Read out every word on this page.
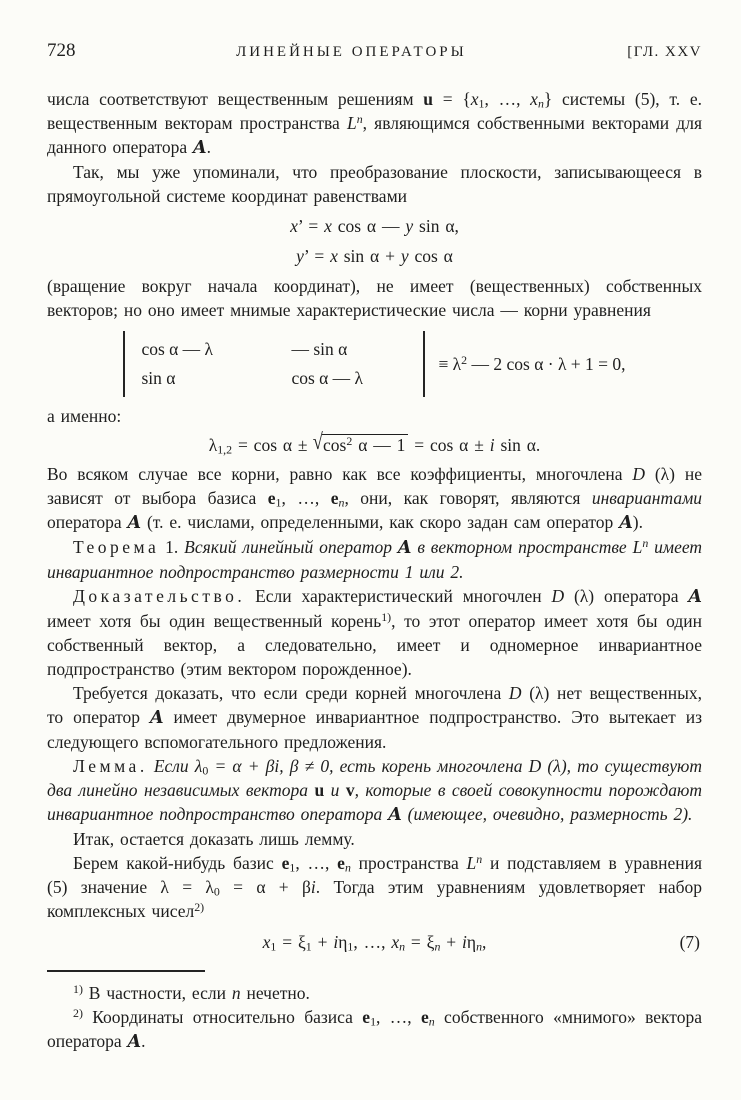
728	ЛИНЕЙНЫЕ ОПЕРАТОРЫ	[ГЛ. XXV

числа соответствуют вещественным решениям $u = \{x_1$, …, $x_n$} системы (5), т. е. вещественным векторам пространства $L^n$, являющимся собственными векторами для данного оператора A.

Так, мы уже упоминали, что преобразование плоскости, записывающееся в прямоугольной системе координат равенствами

x’ = x cos α — y sin α,

y’ = x sin α + y cos α

(вращение вокруг начала координат), не имеет (вещественных) собственных векторов; но оно имеет мнимые характеристические числа — корни уравнения

cos α — λ	— sin α
sin α	cos α — λ
≡ $\lambda^2$ — 2 cos α · λ + 1 = 0,

а именно:

$\lambda_{1,2} = \cos \alpha \pm √\cos^2$ α — 1 = cos α ± i sin α.

Во всяком случае все корни, равно как все коэффициенты, многочлена D (λ) не зависят от выбора базиса $e_1$, …, $e_n$, они, как говорят, являются инвариантами оператора A (т. е. числами, определенными, как скоро задан сам оператор A).

Теорема 1. Всякий линейный оператор A в векторном пространстве $L^n$ имеет инвариантное подпространство размерности 1 или 2.

Доказательство. Если характеристический многочлен D (λ) оператора A имеет хотя бы один вещественный корень$^{1)}$, то этот оператор имеет хотя бы один собственный вектор, а следовательно, имеет и одномерное инвариантное подпространство (этим вектором порожденное).

Требуется доказать, что если среди корней многочлена D (λ) нет вещественных, то оператор A имеет двумерное инвариантное подпространство. Это вытекает из следующего вспомогательного предложения.

Лемма. Если $\lambda_0 = \alpha + \beta i$, β ≠ 0, есть корень многочлена D (λ), то существуют два линейно независимых вектора u и v, которые в своей совокупности порождают инвариантное подпространство оператора A (имеющее, очевидно, размерность 2).

Итак, остается доказать лишь лемму.

Берем какой-нибудь базис $e_1$, …, $e_n$ пространства $L^n$ и подставляем в уравнения (5) значение $\lambda = \lambda_0 = \alpha + \beta i$. Тогда этим уравнениям удовлетворяет набор комплексных чисел$^{2)}$

$x_1 = \xi_1 + i\eta_1$, …, $x_n = \xi_n + i\eta_n$,	(7)

$^{1)}$ В частности, если n нечетно.

$^{2)}$ Координаты относительно базиса $e_1$, …, $e_n$ собственного «мнимого» вектора оператора A.
